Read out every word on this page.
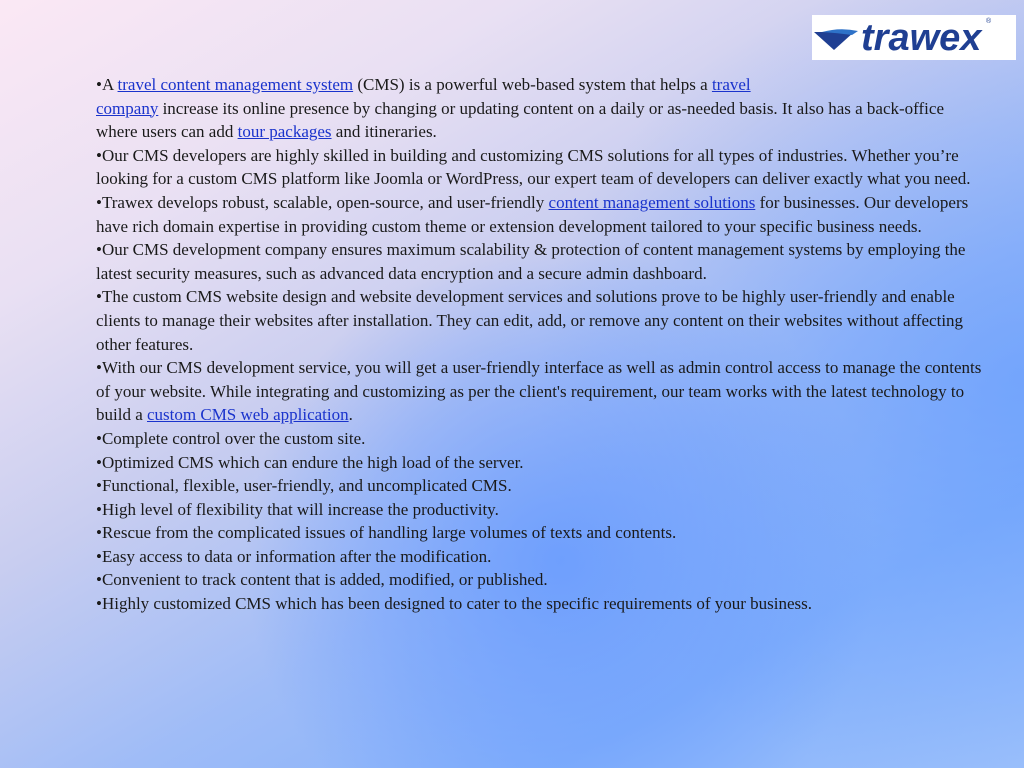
trawex ®
•A travel content management system (CMS) is a powerful web-based system that helps a travel
company increase its online presence by changing or updating content on a daily or as-needed basis. It also has a back-office where users can add tour packages and itineraries.
•Our CMS developers are highly skilled in building and customizing CMS solutions for all types of industries. Whether you’re looking for a custom CMS platform like Joomla or WordPress, our expert team of developers can deliver exactly what you need.
•Trawex develops robust, scalable, open-source, and user-friendly content management solutions for businesses. Our developers have rich domain expertise in providing custom theme or extension development tailored to your specific business needs.
•Our CMS development company ensures maximum scalability & protection of content management systems by employing the latest security measures, such as advanced data encryption and a secure admin dashboard.
•The custom CMS website design and website development services and solutions prove to be highly user-friendly and enable clients to manage their websites after installation. They can edit, add, or remove any content on their websites without affecting other features.
•With our CMS development service, you will get a user-friendly interface as well as admin control access to manage the contents of your website. While integrating and customizing as per the client's requirement, our team works with the latest technology to build a custom CMS web application.
•Complete control over the custom site.
•Optimized CMS which can endure the high load of the server.
•Functional, flexible, user-friendly, and uncomplicated CMS.
•High level of flexibility that will increase the productivity.
•Rescue from the complicated issues of handling large volumes of texts and contents.
•Easy access to data or information after the modification.
•Convenient to track content that is added, modified, or published.
•Highly customized CMS which has been designed to cater to the specific requirements of your business.
